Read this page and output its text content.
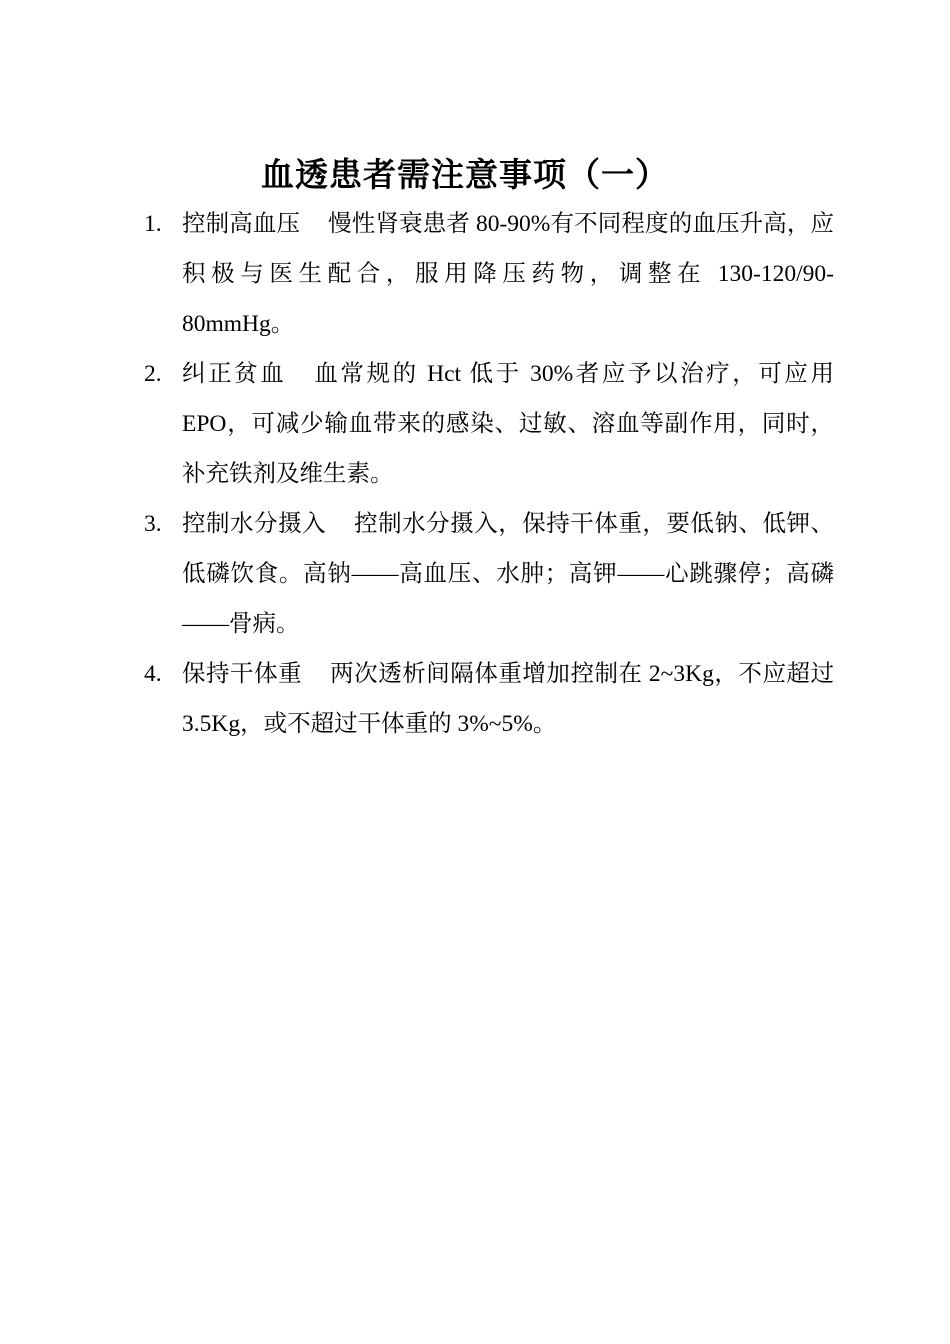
血透患者需注意事项（一）
1. 控制高血压 慢性肾衰患者 80-90%有不同程度的血压升高，应积极与医生配合，服用降压药物，调整在 130-120/90-80mmHg。
2. 纠正贫血 血常规的 Hct 低于 30%者应予以治疗，可应用 EPO，可减少输血带来的感染、过敏、溶血等副作用，同时，补充铁剂及维生素。
3. 控制水分摄入 控制水分摄入，保持干体重，要低钠、低钾、低磷饮食。高钠——高血压、水肿；高钾——心跳骤停；高磷——骨病。
4. 保持干体重 两次透析间隔体重增加控制在 2~3Kg，不应超过 3.5Kg，或不超过干体重的 3%~5%。
